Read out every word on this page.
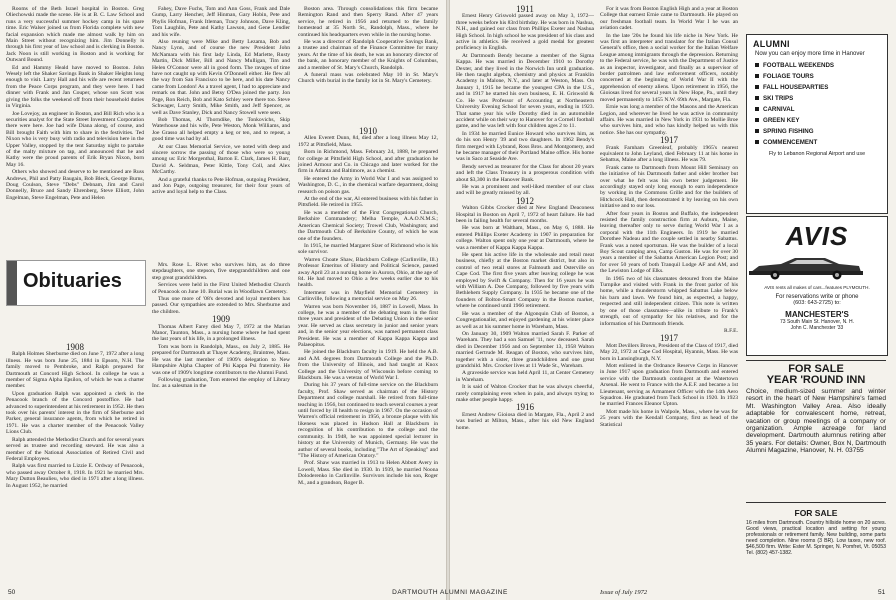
Rooms of the Beth Israel hospital in Boston. Greg Oliechowski made the scene. He is at B. C. Law School and runs a very successful summer hockey camp in his spare time. Eric Walser joined us from Florida complete with new facial expansion which made me almost walk by him on Main Street without recognizing him. Jim Donnelly is through his first year of law school and is clerking in Boston. Jack Noon is still working in Boston and is working for Outward Bound.

Ed and Hammy Heald have moved to Boston. John Wesely left the Shaker Savings Bank in Shaker Heights long enough to visit. Larry Hall and his wife are recent returnees from the Peace Corps program, and they were here. I had dinner with Frank and Jan Couper, whose son Scott was giving the folks the weekend off from their household duties in Virginia.

Joe Lovejoy, an engineer in Boston, and Bill Rich who is a securities analyst for the State Street Investment Corporation there were here. Joe had wife Diana along, of course, and Bill brought Faith with him to share in the festivities. Ted Nixon who is very busy with radio and television here in the Upper Valley, stopped by the tent Saturday night to partake of the malty mixture on tap, and announced that he and Kathy were the proud parents of Erik Bryan Nixon, born May 16.

Others who showed and deserve to be mentioned are Russ Andrews, Phil and Patty Baugain, Bob Bleck, George Burns, Doug Coulson, Steve "Debs" Debnam, Jim and Carol Donnelly, Bruce and Sandy Ehrenberg, Steve Elliott, John Engelman, Steve Engelman, Pete and Helen

Fahey, Dave Fuchs, Tom and Ann Goss, Frank and Dale Gump, Larry Hencher, Jeff Hinman, Gary Hobin, Pete and Phylis Hofman, Frank Itleman, Tracy Johnson, Dave Kling, Tom Laughlin, Pete and Kathy Lawson, and Gene Lendler and his wife.

Also reuning were Mike and Betty Lezama, Bob and Nancy Lynn, and of course the new President John McNamara with his first lady Linda, Ed Marlette, Rusty Martin, Dick Miller, Bill and Nancy Mulligan, Tim and Helen O'Connor were all in good form. The ravages of time have not caught up with Kevin O'Donnell either. He flew all the way from San Francisco to be here, and his date Nancy came from London! As a travel agent, I had to appreciate and remark on that. John and Betsy O'Dea joined the party. Jon Page, Ron Reich, Bob and Kato Schley were there too. Steve Schwager, Larry Smith, Mike Smith, and Jeff Spencer, as well as Dave Stanley, Dick and Nancy Stowell were seen.

Bob Thomas, Al Thorndike, the Tonkovichs, Skip Waterhouse and his wife, Pete Weston, Monk Williams, and Joe Grasso all helped empty a keg or ten, and to repeat, a good time was had by all.

At our Class Memorial Service, we noted with deep and sincere sorrow the passing of those who were so young among us: Eric Morgenthal, Barton E. Clark, James H. Barr, David A. Seldman, Peter Kittle, Tony Coll, and Alex McCarthy.

And a grateful thanks to Pete Hofman, outgoing President, and Jon Page, outgoing treasurer, for their four years of active and loyal help to the Class.

Boston area. Through consolidations this firm became Remington Rand and then Sperry Rand. After 47 years service, he retired in 1956 and returned to the family homestead at 35 North St., Randolph, Mass., where he continued his headquarters even while in the nursing home.

He was a director of Randolph Cooperative Savings Bank, a trustee and chairman of the Finance Committee for many years. At the time of his death, he was an honorary director of the bank, an honorary member of the Knights of Columbus, and a member of St. Mary's Church, Randolph.

A funeral mass was celebrated May 10 in St. Mary's Church with burial in the family lot in St. Mary's Cemetery.

1910

Allen Everett Dunn, 84, died after a long illness May 12, 1972 at Pittsfield, Mass.

Born in Richmond, Mass. February 24, 1888, he prepared for college at Pittsfield High School, and after graduation he joined Armour and Co. in Chicago and later worked for the firm in Atlanta and Baltimore, as a chemist.

He entered the Army in World War I and was assigned to Washington, D. C., in the chemical warfare department, doing research on poison gas.

At the end of the war, Al entered business with his father in Pittsfield. He retired in 1955.

He was a member of the First Congregational Church, Berkshire Commandery; Melha Temple, A.A.O.N.M.S.; American Chemical Society; Trowel Club, Washington; and the Dartmouth Club of Berkshire County, of which he was one of the founders.

In 1915, he married Margaret Sizer of Richmond who is his sole survivor.

Warren Choate Shaw, Blackburn College (Carlinville, Ill.) Professor Emeritus of History and Political Science, passed away April 23 at a nursing home in Aurora, Ohio, at the age of 84. He had moved to Ohio a few weeks earlier due to his health.

Interment was in Mayfield Memorial Cemetery in Carlinville, following a memorial service on May 26.

Warren was born November 16, 1887 in Lowell, Mass. In college, he was a member of the debating team in the first three years and president of the Debating Union in the senior year. He served as class secretary in junior and senior years and, in the senior year elections, was named permanent class President. He was a member of Kappa Kappa Kappa and Palaeopitus.

He joined the Blackburn faculty in 1919. He held the A.B. and A.M. degrees from Dartmouth College and the Ph.D. from the University of Illinois, and had taught at Knox College and the University of Wisconsin before coming to Blackburn. He was a veteran of World War I.

During his 37 years of full-time service on the Blackburn faculty, Prof. Shaw served as chairman of the History Department and college marshall. He retired from full-time teaching in 1956, but continued to teach several courses a year until forced by ill health to resign in 1967. On the occasion of Warren's official retirement in 1956, a bronze plaque with his likeness was placed in Hudson Hall at Blackburn in recognition of his contribution to the college and the community. In 1948, he was appointed special lecturer in history at the University of Munich, Germany. He was the author of several books, including "The Art of Speaking" and "The History of American Oratory."

Prof. Shaw was married in 1913 to Helen Abbott Avery in Lowell, Mass. She died in 1930. In 1939, he married Noona Doloderenko in Carlinville. Survivors include his son, Roger M., and a grandson, Roger B.

Obituaries

1908

Ralph Holmes Sherburne died on June 7, 1972 after a long illness. He was born June 25, 1884 in Epsom, N.H. The family moved to Pembroke, and Ralph prepared for Dartmouth at Concord High School. In college he was a member of Sigma Alpha Epsilon, of which he was a charter member.

Upon graduation Ralph was appointed a clerk in the Penacook branch of the Concord postoffice. He had advanced to superintendent at his retirement in 1952. He then took over his parents' interest in the firm of Sherburne and Parker, general insurance agents, from which he retired in 1971. He was a charter member of the Penacook Valley Lions Club.

Ralph attended the Methodist Church and for several years served as trustee and recording steward. He was also a member of the National Association of Retired Civil and Federal Employees.

Ralph was first married to Lizzie E. Ordway of Penacook, who passed away October 8, 1918. In 1921 he married Mrs. Mary Dutton Beaulieu, who died in 1971 after a long illness. In August 1952, he married

Mrs. Rose L. Rivet who survives him, as do three stepdaughters, one stepson, five stepgrandchildren and one step great grandchildren.

Services were held in the First United Methodist Church of Penacook on June 10. Burial was in Woodlawn Cemetery.

Thus one more of '08's devoted and loyal members has passed. Our sympathies are extended to Mrs. Sherburne and the children.

1909

Thomas Albert Farey died May 7, 1972 at the Marian Manor, Taunton, Mass., a nursing home where he had spent the last years of his life, in a prolonged illness.

Tom was born in Randolph, Mass., on July 2, 1885. He prepared for Dartmouth at Thayer Academy, Braintree, Mass. He was the last member of 1909's delegation to New Hampshire Alpha Chapter of Phi Kappa Psi fraternity. He was one of 1909's longtime contributors to the Alumni Fund.

Following graduation, Tom entered the employ of Library Inc. as a salesman in the

50

1911

Ernest Henry Griswold passed away on May 3, 1972—three weeks before his 83rd birthday. He was born in Nashua, N.H., and gained our class from Phillips Exeter and Nashua High School. In high school he was president of his class and active in athletics. He received a gold medal for greatest proficiency in English.

At Dartmouth Bendy became a member of the Sigma Kappa. He was married in December 1910 to Dorothy Dexter, and they lived in the Norwich Inn until graduation. He then taught algebra, chemistry and physics at Franklin Academy in Malone, N.Y., and later at Weston, Mass. On January 1, 1915 he became the youngest CPA in the U.S., and in 1917 he started his own business, E. H. Griswold & Co. He was Professor of Accounting at Northeastern University Evening School for seven years, ending in 1923. That same year his wife Dorothy died in an automobile accident while on their way to Hanover for a Cornell football game, and he was left with four children ages 2 to 11.

In 1934 he married Eunice Howard who survives him, as do his son Henry '39 and two daughters. In 1962 Bendy's firm merged with Lybrand, Ross Bros. and Montgomery, and he became manager of their Portland Maine office. His home was in Saco at Seaside Ave.

Bendy served as treasurer for the Class for about 20 years and left the Class Treasury in a prosperous condition with about $3,300 in the Hanover Bank.

He was a prominent and well-liked member of our class and will be greatly missed by all.

1912

Walton Gibbs Crocker died at New England Deaconess Hospital in Boston on April 7, 1972 of heart failure. He had been in failing health for several months.

He was born at Waltham, Mass., on May 6, 1888. He entered Phillips Exeter Academy in 1907 in preparation for college. Walton spent only one year at Dartmouth, where he was a member of Kappa Kappa Kappa.

He spent his active life in the wholesale and retail meat business, chiefly at the Boston market district, but also in control of two retail stores at Falmouth and Osterville on Cape Cod. The first five years after leaving college he was employed by Swift & Company. Then for 16 years he was with William A. Doe Company, followed by five years with Bethlehem Supply Company. In 1935 he became one of the founders of Bolton-Smart Company in the Boston market, where he continued until 1966 retirement.

He was a member of the Algonquin Club of Boston, a Congregationalist, and enjoyed gardening at his winter place as well as at his summer home in Wareham, Mass.

On January 30, 1909 Walton married Sarah F. Parker of Wareham. They had a son Samuel '11, now deceased. Sarah died in December 1956 and on September 13, 1958 Walton married Gertrude M. Reagan of Boston, who survives him, together with a sister, three grandchildren and one great grandchild. Mrs. Crocker lives at 11 Wade St., Wareham.

A graveside service was held April 11, at Center Cemetery in Wareham.

It is said of Walton Crocker that he was always cheerful, rarely complaining even when in pain, and always trying to make other people happy.

1916

Ernest Andrew Gioiosa died in Margate, Fla., April 2 and was buried at Milton, Mass., after his old New England home.

For it was from Boston English High and a year at Boston College that earnest Ernie came to Dartmouth. He played on our freshman football team. In World War I he was an aviation cadet.

In the late '20s he found his life niche in New York. He was first an interpreter and translator for the Italian Consul General's office, then a social worker for the Italian Welfare League among immigrants through the depression. Returning to the Federal service, he was with the Department of Justice as an inspector, investigator, and finally as a supervisor of border patrolmen and law enforcement officers, notably concerned at the beginning of World War II with the apprehension of enemy aliens. Upon retirement in 1956, the Gioiosas lived for several years in New Hope, Pa., until they moved permanently to 1455 N.W. 69th Ave., Margate, Fla.

Ernie was long a member of the Masons and the American Legion, and wherever he lived he was active in community affairs. He was married in New York in 1931 to Mollie Broe who survives him, and who has kindly helped us with this notice. She has our sympathy.

1917

Frank Farnham Greenleaf, probably 1965's nearest equivalent to John Leyland, died February 11 at his home in Sebattus, Maine after a long illness. He was 79.

Frank came to Dartmouth from Mount Hill Seminary on the initiative of his Dartmouth father and older brother but over what he felt was his own better judgement. He accordingly stayed only long enough to earn independence by working in the Commons Grille and for the builders of Hitchcock Hall, then demonstrated it by leaving on his own initiative and to our loss.

After four years in Boston and Buffalo, the independent resisted the family construction firm at Auburn, Maine, leaving thereafter only to serve during World War I as a corporal with the 11th Engineers. In 1919 he married Dorothee Nadeau and the couple settled in nearby Sabattus. Frank was a noted sportsman. He was the builder of a local Boy Scout camping area, Camp Guston. He was for over 30 years a member of the Sabattus American Legion Post; and for over 50 years of both Tranquil Lodge AF and AM, and the Lewiston Lodge of Elks.

In 1965 two of his classmates detoured from the Maine Turnpike and visited with Frank in the front parlor of his home, while a thunderstorm whipped Sabattus Lake below his barn and lawn. We found him, as expected, a happy, respected and still independent citizen. This note is written by one of those classmates—alike in tribute to Frank's strength, out of sympathy for his relatives, and for the information of his Dartmouth friends.

R.F.E.

1917

Mott Devillers Brown, President of the Class of 1917, died May 22, 1972 at Cape Cod Hospital, Hyannis, Mass. He was born in Lansingburgh, N.Y.

Mott enlisted in the Ordnance Reserve Corps in Hanover in June 1917 upon graduation from Dartmouth and entered service with the Dartmouth contingent at the Watertown Arsenal. He went to France with the A.E.F. and became a 1st Lieutenant, serving as Armament Officer with the 14th Aero Squadron. He graduated from Tuck School in 1920. In 1923 he married Frances Eleanor Upton.

Mott made his home in Walpole, Mass., where he was for 25 years with the Kendall Company, first as head of the Statistical

ALUMNI
Now you can enjoy more time in Hanover
FOOTBALL WEEKENDS
FOLIAGE TOURS
FALL HOUSEPARTIES
SKI TRIPS
CARNIVAL
GREEN KEY
SPRING FISHING
COMMENCEMENT
Fly to Lebanon Regional Airport and use
AVIS
AVIS rents all makes of cars...features PLYMOUTH.
For reservations write or phone
(603: 643-2725) to:
MANCHESTER'S
73 South Main St. Hanover, N. H.
John C. Manchester '33
FOR SALE
YEAR 'ROUND INN
Choice, medium-sized summer and winter resort in the heart of New Hampshire's famed Mt. Washington Valley Area. Also ideally adaptable for convalescent home, retreat, vacation or group meetings of a company or organization. Ample acreage for land development. Dartmouth alumnus retiring after 35 years. For details: Owner, Box N, Dartmouth Alumni Magazine, Hanover, N. H. 03755
FOR SALE
16 miles from Dartmouth. Country hillside home on 20 acres. Good views, practical location and setting for young professionals or retirement family. New building, some parts need completion. Nine rooms (3 BR). Low taxes, new roof. $46,500 firm. Write: Ester M. Springer, N. Pomfret, Vt. 05053 Tel. (802) 457-1382.
DARTMOUTH ALUMNI MAGAZINE	Issue of July 1972	51
